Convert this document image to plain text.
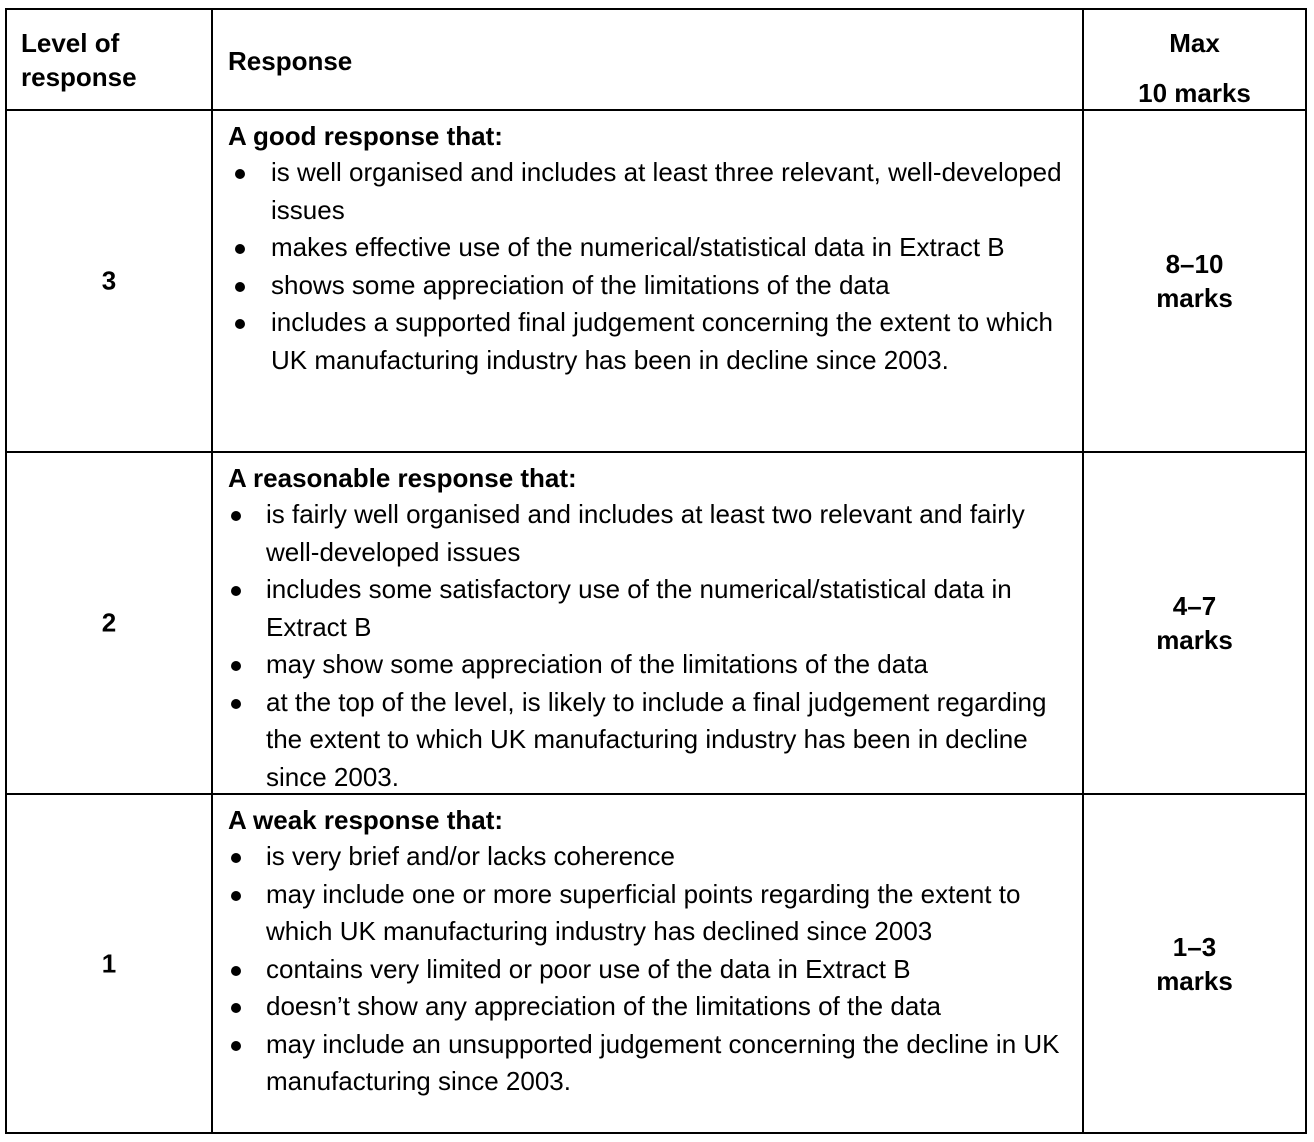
Level of
response
Response
Max
10 marks
3
A good response that:
is well organised and includes at least three relevant, well-developed issues
makes effective use of the numerical/statistical data in Extract B
shows some appreciation of the limitations of the data
includes a supported final judgement concerning the extent to which UK manufacturing industry has been in decline since 2003.
8–10
marks
2
A reasonable response that:
is fairly well organised and includes at least two relevant and fairly well-developed issues
includes some satisfactory use of the numerical/statistical data in Extract B
may show some appreciation of the limitations of the data
at the top of the level, is likely to include a final judgement regarding the extent to which UK manufacturing industry has been in decline since 2003.
4–7
marks
1
A weak response that:
is very brief and/or lacks coherence
may include one or more superficial points regarding the extent to which UK manufacturing industry has declined since 2003
contains very limited or poor use of the data in Extract B
doesn’t show any appreciation of the limitations of the data
may include an unsupported judgement concerning the decline in UK manufacturing since 2003.
1–3
marks
